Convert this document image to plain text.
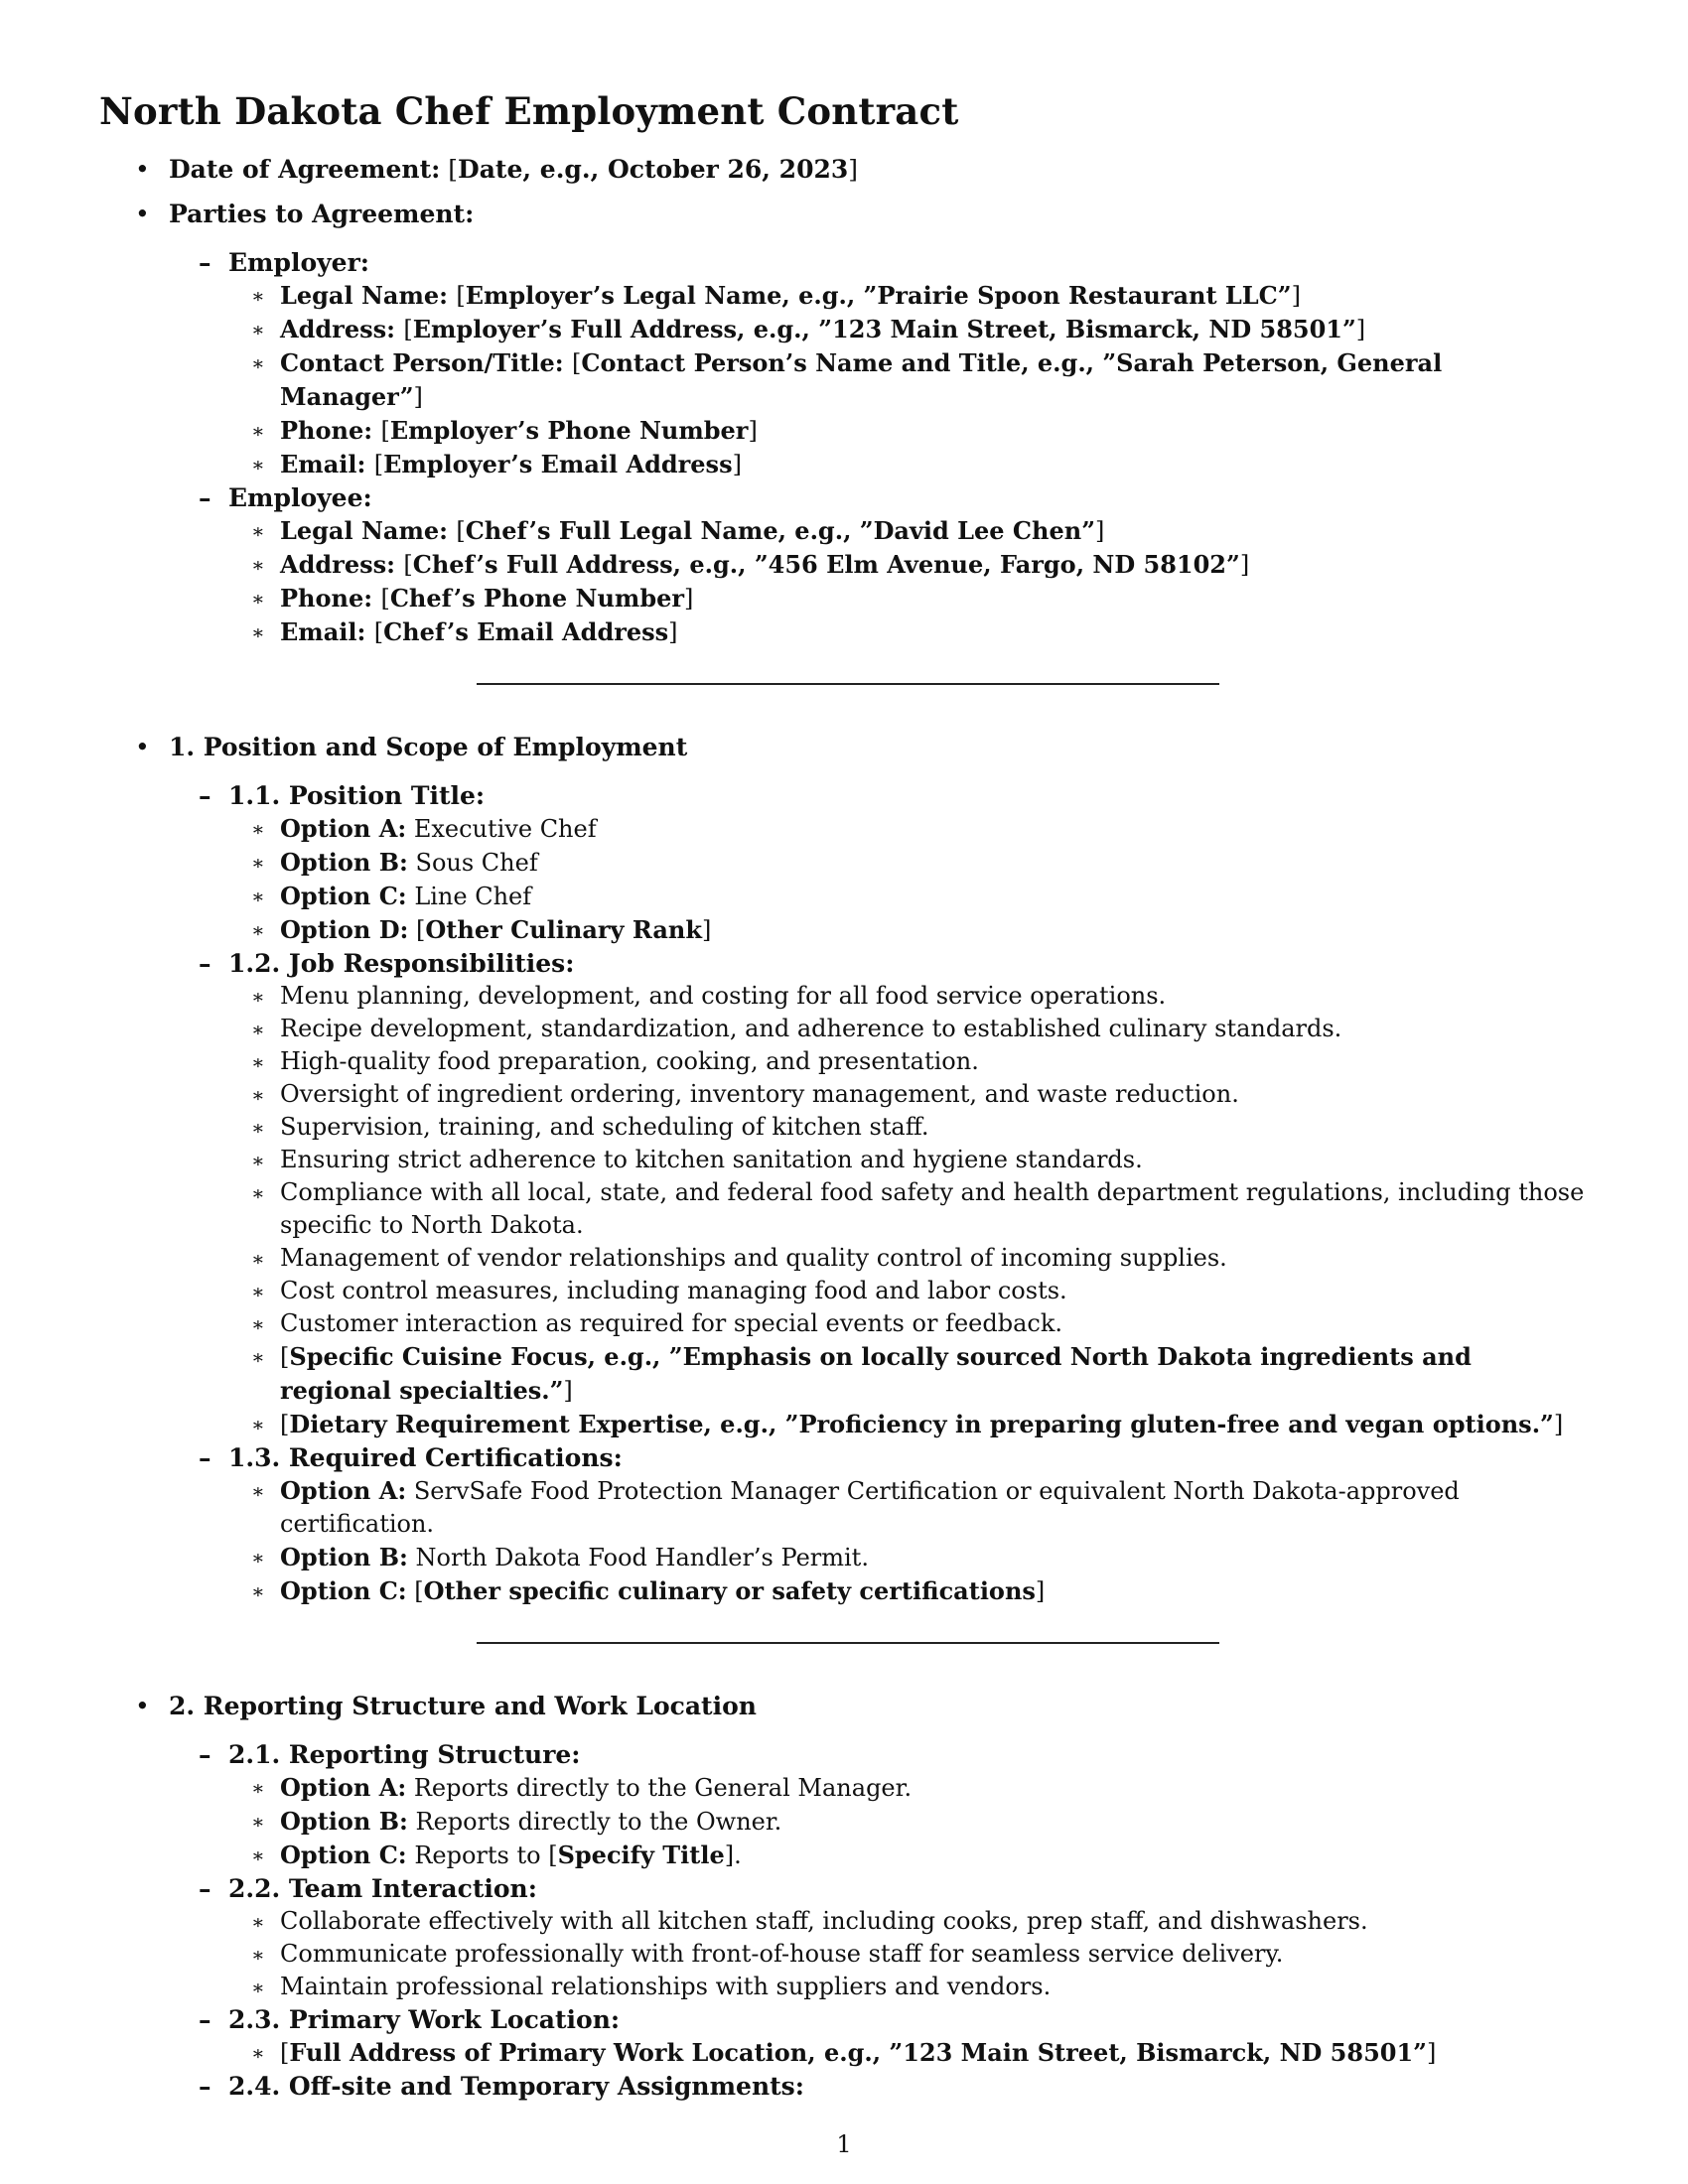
North Dakota Chef Employment Contract
• Date of Agreement: [Date, e.g., October 26, 2023]
• Parties to Agreement:
– Employer:
∗ Legal Name: [Employer’s Legal Name, e.g., ”Prairie Spoon Restaurant LLC”]
∗ Address: [Employer’s Full Address, e.g., ”123 Main Street, Bismarck, ND 58501”]
∗ Contact Person/Title: [Contact Person’s Name and Title, e.g., ”Sarah Peterson, General Manager”]
∗ Phone: [Employer’s Phone Number]
∗ Email: [Employer’s Email Address]
– Employee:
∗ Legal Name: [Chef’s Full Legal Name, e.g., ”David Lee Chen”]
∗ Address: [Chef’s Full Address, e.g., ”456 Elm Avenue, Fargo, ND 58102”]
∗ Phone: [Chef’s Phone Number]
∗ Email: [Chef’s Email Address]
• 1. Position and Scope of Employment
– 1.1. Position Title:
∗ Option A: Executive Chef
∗ Option B: Sous Chef
∗ Option C: Line Chef
∗ Option D: [Other Culinary Rank]
– 1.2. Job Responsibilities:
∗ Menu planning, development, and costing for all food service operations.
∗ Recipe development, standardization, and adherence to established culinary standards.
∗ High-quality food preparation, cooking, and presentation.
∗ Oversight of ingredient ordering, inventory management, and waste reduction.
∗ Supervision, training, and scheduling of kitchen staff.
∗ Ensuring strict adherence to kitchen sanitation and hygiene standards.
∗ Compliance with all local, state, and federal food safety and health department regulations, including those specific to North Dakota.
∗ Management of vendor relationships and quality control of incoming supplies.
∗ Cost control measures, including managing food and labor costs.
∗ Customer interaction as required for special events or feedback.
∗ [Specific Cuisine Focus, e.g., ”Emphasis on locally sourced North Dakota ingredients and regional specialties.”]
∗ [Dietary Requirement Expertise, e.g., ”Proficiency in preparing gluten-free and vegan options.”]
– 1.3. Required Certifications:
∗ Option A: ServSafe Food Protection Manager Certification or equivalent North Dakota-approved certification.
∗ Option B: North Dakota Food Handler’s Permit.
∗ Option C: [Other specific culinary or safety certifications]
• 2. Reporting Structure and Work Location
– 2.1. Reporting Structure:
∗ Option A: Reports directly to the General Manager.
∗ Option B: Reports directly to the Owner.
∗ Option C: Reports to [Specify Title].
– 2.2. Team Interaction:
∗ Collaborate effectively with all kitchen staff, including cooks, prep staff, and dishwashers.
∗ Communicate professionally with front-of-house staff for seamless service delivery.
∗ Maintain professional relationships with suppliers and vendors.
– 2.3. Primary Work Location:
∗ [Full Address of Primary Work Location, e.g., ”123 Main Street, Bismarck, ND 58501”]
– 2.4. Off-site and Temporary Assignments:
1
